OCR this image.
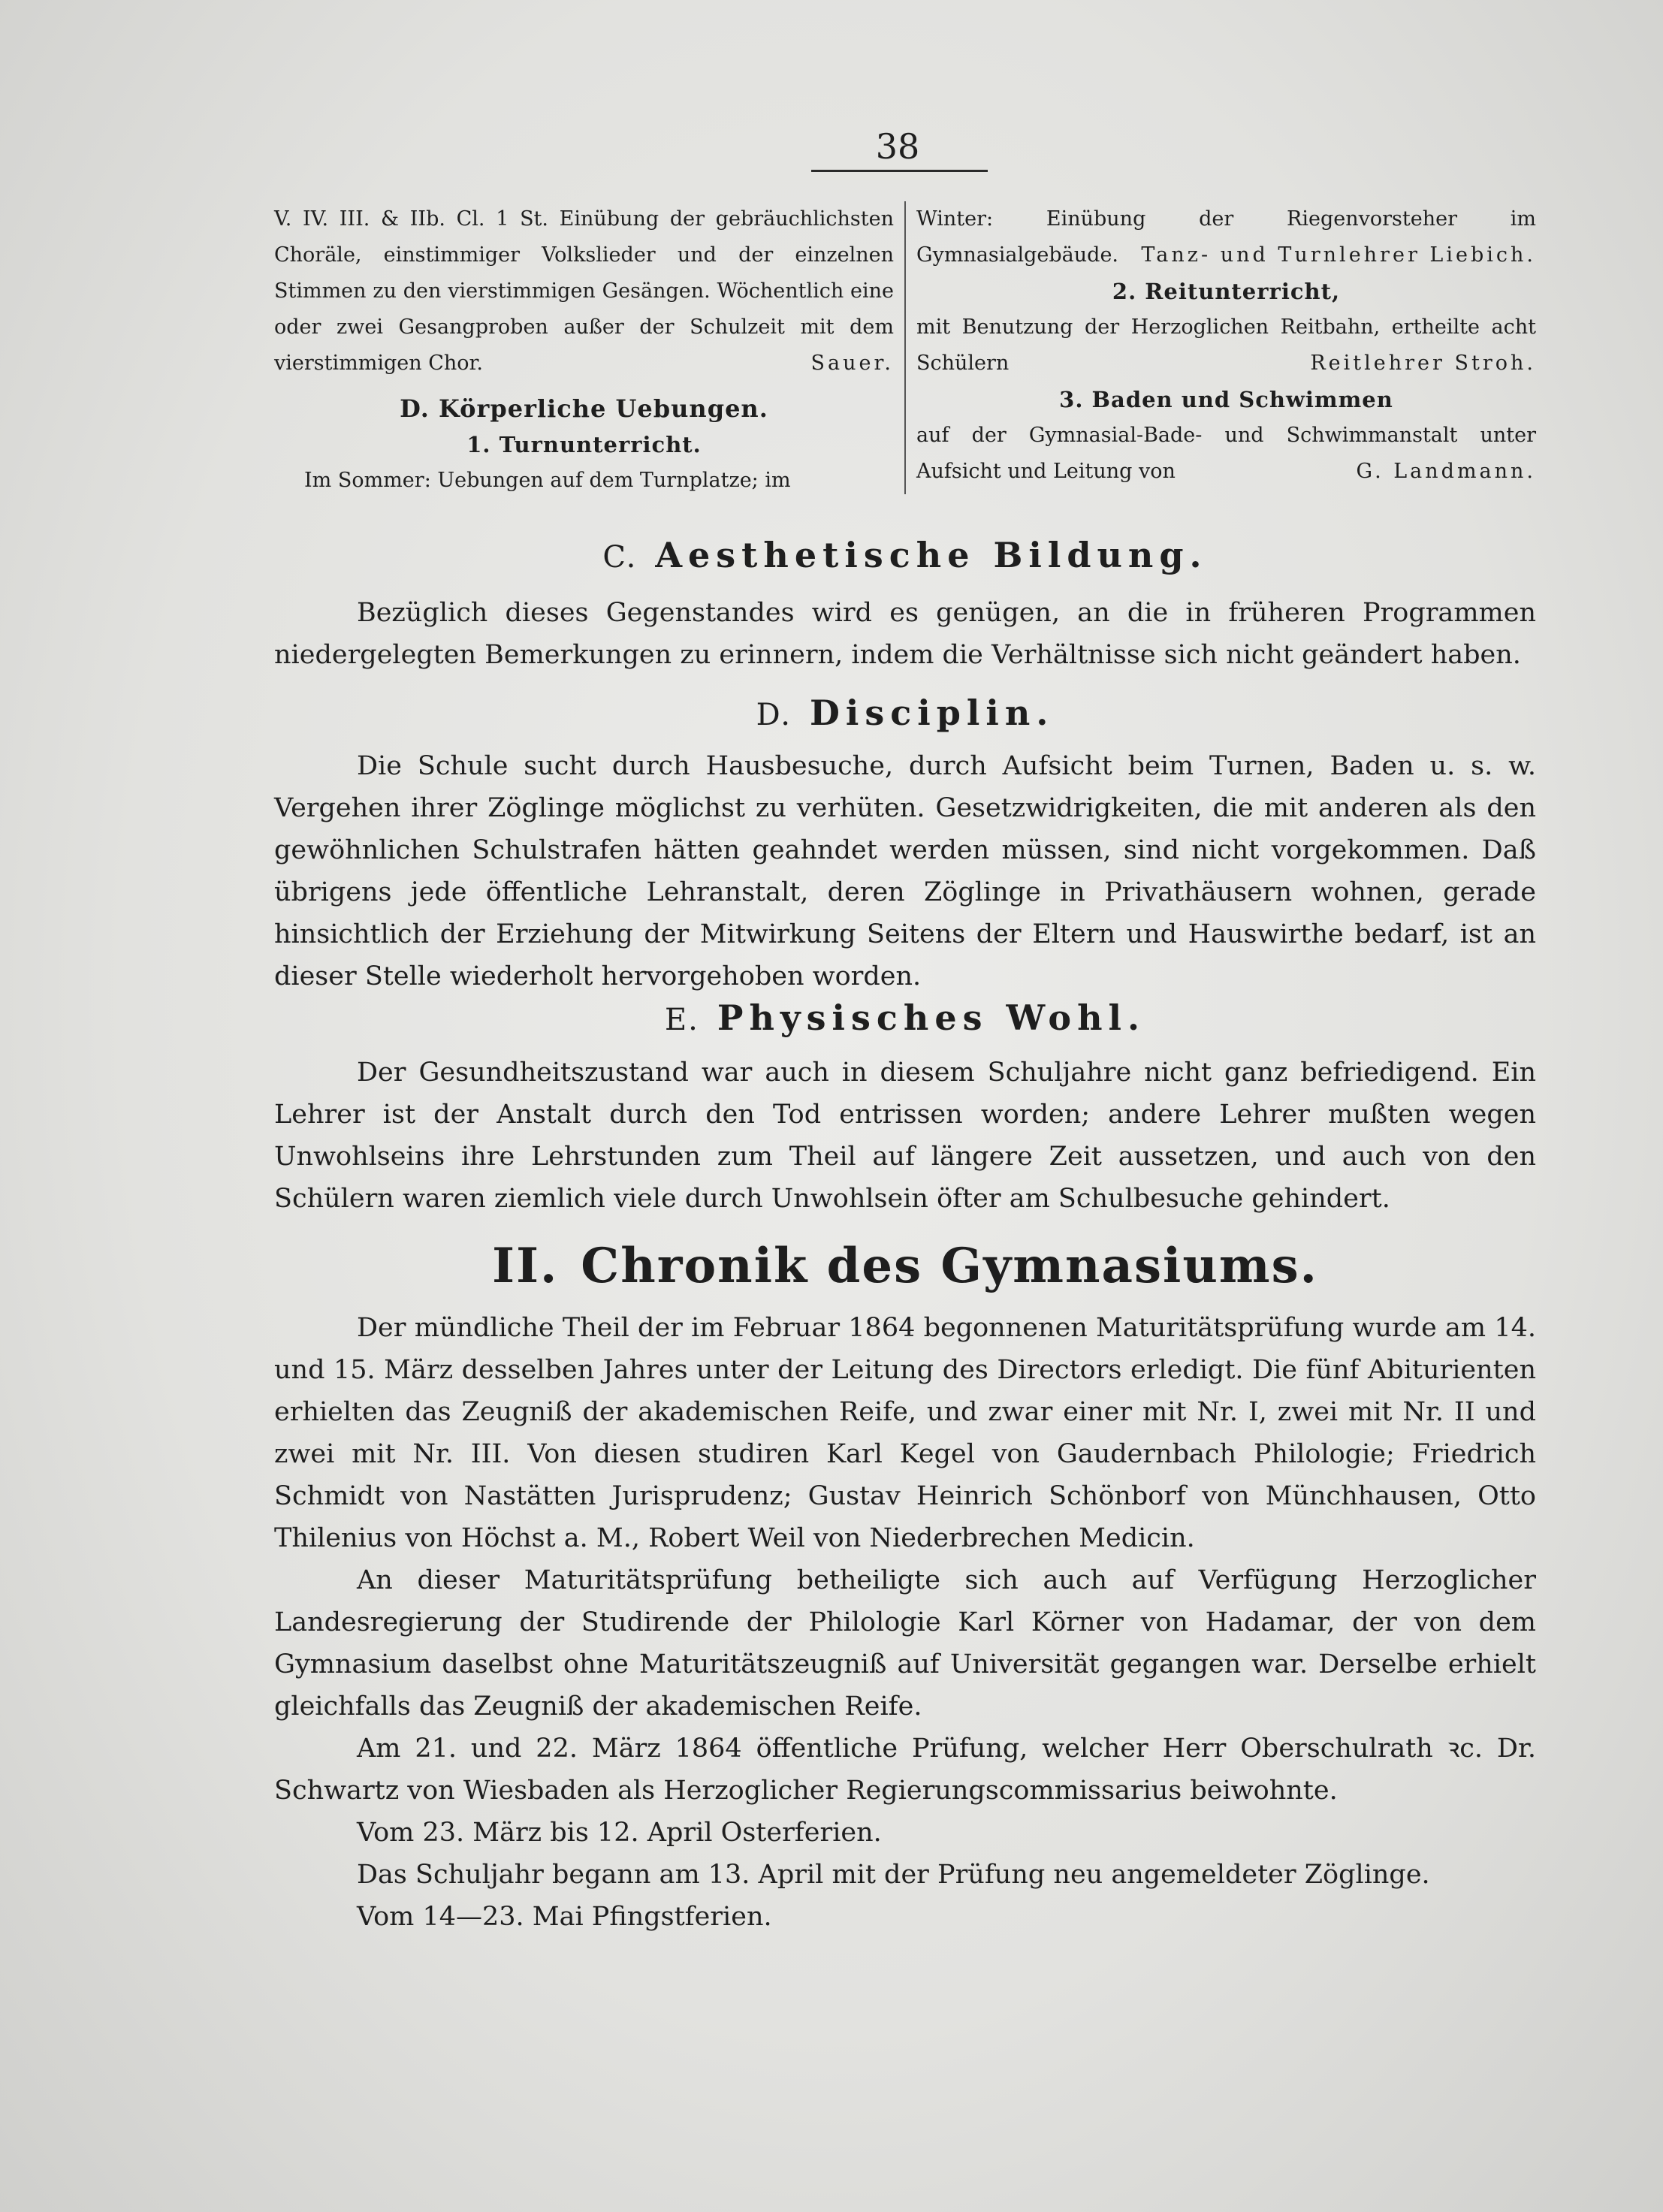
38

V. IV. III. & IIb. Cl. 1 St. Einübung der gebräuchlichsten Choräle, einstimmiger Volkslieder und der einzelnen Stimmen zu den vierstimmigen Gesängen. Wöchentlich eine oder zwei Gesangproben außer der Schulzeit mit dem vierstimmigen Chor.	Sauer.
D. Körperliche Uebungen.
1. Turnunterricht.

Im Sommer: Uebungen auf dem Turnplatze; im

Winter: Einübung der Riegenvorsteher im Gymnasialgebäude.	Tanz- und Turnlehrer Liebich.
2. Reitunterricht,

mit Benutzung der Herzoglichen Reitbahn, ertheilte acht Schülern	Reitlehrer Stroh.
3. Baden und Schwimmen

auf der Gymnasial-Bade- und Schwimmanstalt unter Aufsicht und Leitung von	G. Landmann.
C. Aesthetische Bildung.

Bezüglich dieses Gegenstandes wird es genügen, an die in früheren Programmen niedergelegten Bemerkungen zu erinnern, indem die Verhältnisse sich nicht geändert haben.

D. Disciplin.

Die Schule sucht durch Hausbesuche, durch Aufsicht beim Turnen, Baden u. s. w. Vergehen ihrer Zöglinge möglichst zu verhüten. Gesetzwidrigkeiten, die mit anderen als den gewöhnlichen Schulstrafen hätten geahndet werden müssen, sind nicht vorgekommen. Daß übrigens jede öffentliche Lehranstalt, deren Zöglinge in Privathäusern wohnen, gerade hinsichtlich der Erziehung der Mitwirkung Seitens der Eltern und Hauswirthe bedarf, ist an dieser Stelle wiederholt hervorgehoben worden.

E. Physisches Wohl.

Der Gesundheitszustand war auch in diesem Schuljahre nicht ganz befriedigend. Ein Lehrer ist der Anstalt durch den Tod entrissen worden; andere Lehrer mußten wegen Unwohlseins ihre Lehrstunden zum Theil auf längere Zeit aussetzen, und auch von den Schülern waren ziemlich viele durch Unwohlsein öfter am Schulbesuche gehindert.

II. Chronik des Gymnasiums.

Der mündliche Theil der im Februar 1864 begonnenen Maturitätsprüfung wurde am 14. und 15. März desselben Jahres unter der Leitung des Directors erledigt. Die fünf Abiturienten erhielten das Zeugniß der akademischen Reife, und zwar einer mit Nr. I, zwei mit Nr. II und zwei mit Nr. III. Von diesen studiren Karl Kegel von Gaudernbach Philologie; Friedrich Schmidt von Nastätten Jurisprudenz; Gustav Heinrich Schönborf von Münchhausen, Otto Thilenius von Höchst a. M., Robert Weil von Niederbrechen Medicin.

An dieser Maturitätsprüfung betheiligte sich auch auf Verfügung Herzoglicher Landesregierung der Studirende der Philologie Karl Körner von Hadamar, der von dem Gymnasium daselbst ohne Maturitätszeugniß auf Universität gegangen war. Derselbe erhielt gleichfalls das Zeugniß der akademischen Reife.

Am 21. und 22. März 1864 öffentliche Prüfung, welcher Herr Oberschulrath ꝛc. Dr. Schwartz von Wiesbaden als Herzoglicher Regierungscommissarius beiwohnte.

Vom 23. März bis 12. April Osterferien.

Das Schuljahr begann am 13. April mit der Prüfung neu angemeldeter Zöglinge.

Vom 14—23. Mai Pfingstferien.
